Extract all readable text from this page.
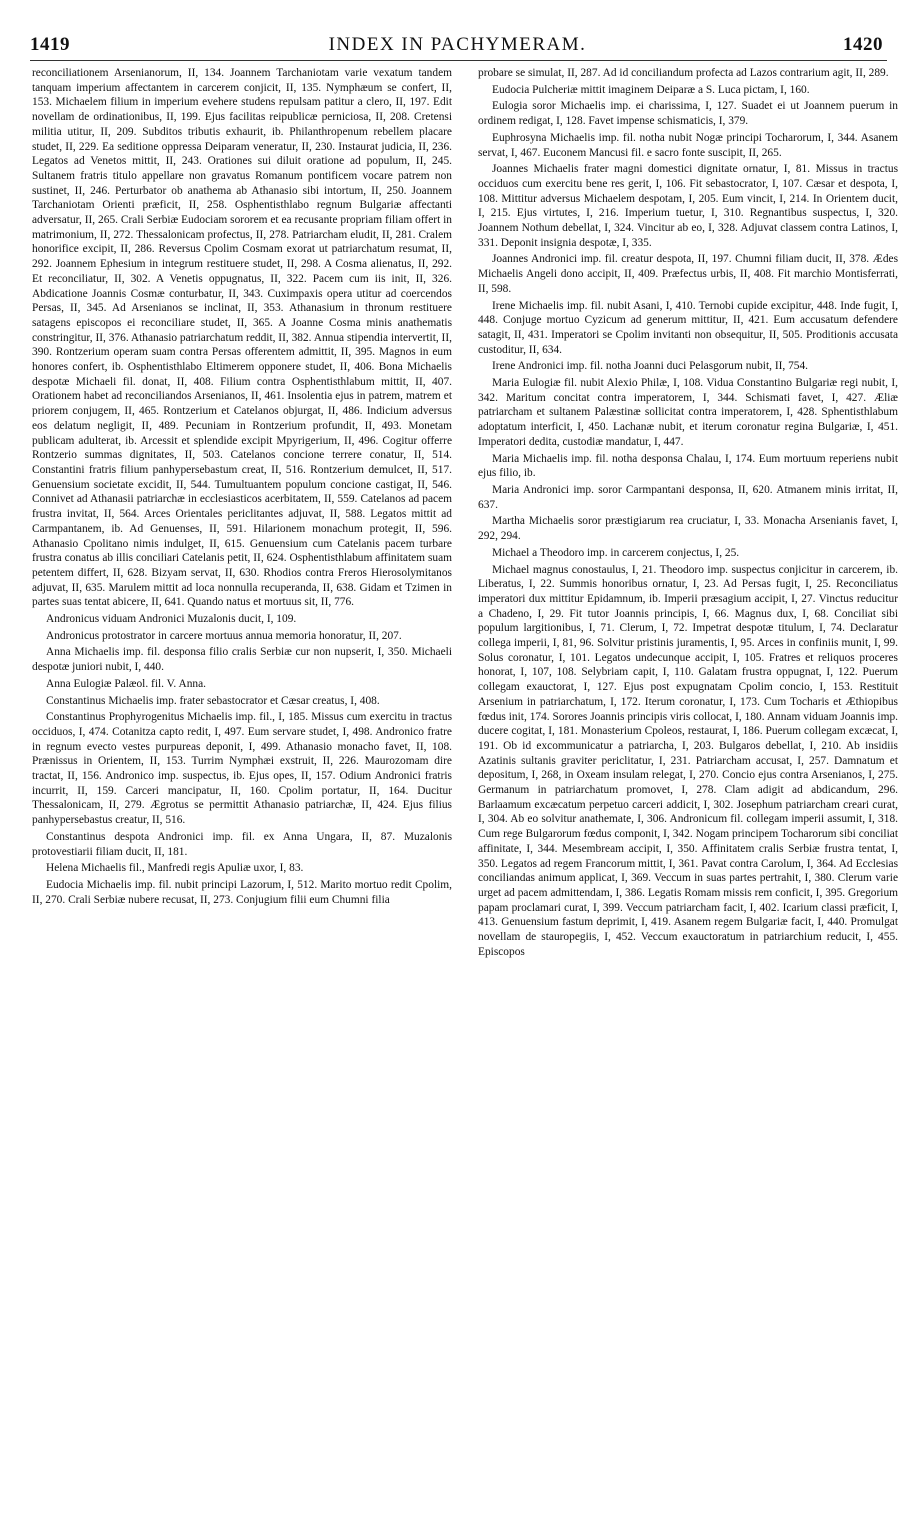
1419	INDEX IN PACHYMERAM.	1420

reconciliationem Arsenianorum, II, 134. Joannem Tarchaniotam varie vexatum tandem tanquam imperium affectantem in carcerem conjicit, II, 135. Nymphæum se confert, II, 153. Michaelem filium in imperium evehere studens repulsam patitur a clero, II, 197. Edit novellam de ordinationibus, II, 199. Ejus facilitas reipublicæ perniciosa, II, 208. Cretensi militia utitur, II, 209. Subditos tributis exhaurit, ib. Philanthropenum rebellem placare studet, II, 229. Ea seditione oppressa Deiparam veneratur, II, 230. Instaurat judicia, II, 236. Legatos ad Venetos mittit, II, 243. Orationes sui diluit oratione ad populum, II, 245. Sultanem fratris titulo appellare non gravatus Romanum pontificem vocare patrem non sustinet, II, 246. Perturbator ob anathema ab Athanasio sibi intortum, II, 250. Joannem Tarchaniotam Orienti præficit, II, 258. Osphentisthlabo regnum Bulgariæ affectanti adversatur, II, 265. Crali Serbiæ Eudociam sororem et ea recusante propriam filiam offert in matrimonium, II, 272. Thessalonicam profectus, II, 278. Patriarcham eludit, II, 281. Cralem honorifice excipit, II, 286. Reversus Cpolim Cosmam exorat ut patriarchatum resumat, II, 292. Joannem Ephesium in integrum restituere studet, II, 298. A Cosma alienatus, II, 292. Et reconciliatur, II, 302. A Venetis oppugnatus, II, 322. Pacem cum iis init, II, 326. Abdicatione Joannis Cosmæ conturbatur, II, 343. Cuximpaxis opera utitur ad coercendos Persas, II, 345. Ad Arsenianos se inclinat, II, 353. Athanasium in thronum restituere satagens episcopos ei reconciliare studet, II, 365. A Joanne Cosma minis anathematis constringitur, II, 376. Athanasio patriarchatum reddit, II, 382. Annua stipendia intervertit, II, 390. Rontzerium operam suam contra Persas offerentem admittit, II, 395. Magnos in eum honores confert, ib. Osphentisthlabo Eltimerem opponere studet, II, 406. Bona Michaelis despotæ Michaeli fil. donat, II, 408. Filium contra Osphentisthlabum mittit, II, 407. Orationem habet ad reconciliandos Arsenianos, II, 461. Insolentia ejus in patrem, matrem et priorem conjugem, II, 465. Rontzerium et Catelanos objurgat, II, 486. Indicium adversus eos delatum negligit, II, 489. Pecuniam in Rontzerium profundit, II, 493. Monetam publicam adulterat, ib. Arcessit et splendide excipit Mpyrigerium, II, 496. Cogitur offerre Rontzerio summas dignitates, II, 503. Catelanos concione terrere conatur, II, 514. Constantini fratris filium panhypersebastum creat, II, 516. Rontzerium demulcet, II, 517. Genuensium societate excidit, II, 544. Tumultuantem populum concione castigat, II, 546. Connivet ad Athanasii patriarchæ in ecclesiasticos acerbitatem, II, 559. Catelanos ad pacem frustra invitat, II, 564. Arces Orientales periclitantes adjuvat, II, 588. Legatos mittit ad Carmpantanem, ib. Ad Genuenses, II, 591. Hilarionem monachum protegit, II, 596. Athanasio Cpolitano nimis indulget, II, 615. Genuensium cum Catelanis pacem turbare frustra conatus ab illis conciliari Catelanis petit, II, 624. Osphentisthlabum affinitatem suam petentem differt, II, 628. Bizyam servat, II, 630. Rhodios contra Freros Hierosolymitanos adjuvat, II, 635. Marulem mittit ad loca nonnulla recuperanda, II, 638. Gidam et Tzimen in partes suas tentat abicere, II, 641. Quando natus et mortuus sit, II, 776.

Andronicus viduam Andronici Muzalonis ducit, I, 109.

Andronicus protostrator in carcere mortuus annua memoria honoratur, II, 207.

Anna Michaelis imp. fil. desponsa filio cralis Serbiæ cur non nupserit, I, 350. Michaeli despotæ juniori nubit, I, 440.

Anna Eulogiæ Palæol. fil. V. Anna.

Constantinus Michaelis imp. frater sebastocrator et Cæsar creatus, I, 408.

Constantinus Prophyrogenitus Michaelis imp. fil., I, 185. Missus cum exercitu in tractus occiduos, I, 474. Cotanitza capto redit, I, 497. Eum servare studet, I, 498. Andronico fratre in regnum evecto vestes purpureas deponit, I, 499. Athanasio monacho favet, II, 108. Prænissus in Orientem, II, 153. Turrim Nymphæi exstruit, II, 226. Maurozomam dire tractat, II, 156. Andronico imp. suspectus, ib. Ejus opes, II, 157. Odium Andronici fratris incurrit, II, 159. Carceri mancipatur, II, 160. Cpolim portatur, II, 164. Ducitur Thessalonicam, II, 279. Ægrotus se permittit Athanasio patriarchæ, II, 424. Ejus filius panhypersebastus creatur, II, 516.

Constantinus despota Andronici imp. fil. ex Anna Ungara, II, 87. Muzalonis protovestiarii filiam ducit, II, 181.

Helena Michaelis fil., Manfredi regis Apuliæ uxor, I, 83.

Eudocia Michaelis imp. fil. nubit principi Lazorum, I, 512. Marito mortuo redit Cpolim, II, 270. Crali Serbiæ nubere recusat, II, 273. Conjugium filii eum Chumni filia

probare se simulat, II, 287. Ad id conciliandum profecta ad Lazos contrarium agit, II, 289.

Eudocia Pulcheriæ mittit imaginem Deiparæ a S. Luca pictam, I, 160.

Eulogia soror Michaelis imp. ei charissima, I, 127. Suadet ei ut Joannem puerum in ordinem redigat, I, 128. Favet impense schismaticis, I, 379.

Euphrosyna Michaelis imp. fil. notha nubit Nogæ principi Tocharorum, I, 344. Asanem servat, I, 467. Euconem Mancusi fil. e sacro fonte suscipit, II, 265.

Joannes Michaelis frater magni domestici dignitate ornatur, I, 81. Missus in tractus occiduos cum exercitu bene res gerit, I, 106. Fit sebastocrator, I, 107. Cæsar et despota, I, 108. Mittitur adversus Michaelem despotam, I, 205. Eum vincit, I, 214. In Orientem ducit, I, 215. Ejus virtutes, I, 216. Imperium tuetur, I, 310. Regnantibus suspectus, I, 320. Joannem Nothum debellat, I, 324. Vincitur ab eo, I, 328. Adjuvat classem contra Latinos, I, 331. Deponit insignia despotæ, I, 335.

Joannes Andronici imp. fil. creatur despota, II, 197. Chumni filiam ducit, II, 378. Ædes Michaelis Angeli dono accipit, II, 409. Præfectus urbis, II, 408. Fit marchio Montisferrati, II, 598.

Irene Michaelis imp. fil. nubit Asani, I, 410. Ternobi cupide excipitur, 448. Inde fugit, I, 448. Conjuge mortuo Cyzicum ad generum mittitur, II, 421. Eum accusatum defendere satagit, II, 431. Imperatori se Cpolim invitanti non obsequitur, II, 505. Proditionis accusata custoditur, II, 634.

Irene Andronici imp. fil. notha Joanni duci Pelasgorum nubit, II, 754.

Maria Eulogiæ fil. nubit Alexio Philæ, I, 108. Vidua Constantino Bulgariæ regi nubit, I, 342. Maritum concitat contra imperatorem, I, 344. Schismati favet, I, 427. Æliæ patriarcham et sultanem Palæstinæ sollicitat contra imperatorem, I, 428. Sphentisthlabum adoptatum interficit, I, 450. Lachanæ nubit, et iterum coronatur regina Bulgariæ, I, 451. Imperatori dedita, custodiæ mandatur, I, 447.

Maria Michaelis imp. fil. notha desponsa Chalau, I, 174. Eum mortuum reperiens nubit ejus filio, ib.

Maria Andronici imp. soror Carmpantani desponsa, II, 620. Atmanem minis irritat, II, 637.

Martha Michaelis soror præstigiarum rea cruciatur, I, 33. Monacha Arsenianis favet, I, 292, 294.

Michael a Theodoro imp. in carcerem conjectus, I, 25.

Michael magnus conostaulus, I, 21. Theodoro imp. suspectus conjicitur in carcerem, ib. Liberatus, I, 22. Summis honoribus ornatur, I, 23. Ad Persas fugit, I, 25. Reconciliatus imperatori dux mittitur Epidamnum, ib. Imperii præsagium accipit, I, 27. Vinctus reducitur a Chadeno, I, 29. Fit tutor Joannis principis, I, 66. Magnus dux, I, 68. Conciliat sibi populum largitionibus, I, 71. Clerum, I, 72. Impetrat despotæ titulum, I, 74. Declaratur collega imperii, I, 81, 96. Solvitur pristinis juramentis, I, 95. Arces in confiniis munit, I, 99. Solus coronatur, I, 101. Legatos undecunque accipit, I, 105. Fratres et reliquos proceres honorat, I, 107, 108. Selybriam capit, I, 110. Galatam frustra oppugnat, I, 122. Puerum collegam exauctorat, I, 127. Ejus post expugnatam Cpolim concio, I, 153. Restituit Arsenium in patriarchatum, I, 172. Iterum coronatur, I, 173. Cum Tocharis et Æthiopibus fœdus init, 174. Sorores Joannis principis viris collocat, I, 180. Annam viduam Joannis imp. ducere cogitat, I, 181. Monasterium Cpoleos, restaurat, I, 186. Puerum collegam excæcat, I, 191. Ob id excommunicatur a patriarcha, I, 203. Bulgaros debellat, I, 210. Ab insidiis Azatinis sultanis graviter periclitatur, I, 231. Patriarcham accusat, I, 257. Damnatum et depositum, I, 268, in Oxeam insulam relegat, I, 270. Concio ejus contra Arsenianos, I, 275. Germanum in patriarchatum promovet, I, 278. Clam adigit ad abdicandum, 296. Barlaamum excæcatum perpetuo carceri addicit, I, 302. Josephum patriarcham creari curat, I, 304. Ab eo solvitur anathemate, I, 306. Andronicum fil. collegam imperii assumit, I, 318. Cum rege Bulgarorum fœdus componit, I, 342. Nogam principem Tocharorum sibi conciliat affinitate, I, 344. Mesembream accipit, I, 350. Affinitatem cralis Serbiæ frustra tentat, I, 350. Legatos ad regem Francorum mittit, I, 361. Pavat contra Carolum, I, 364. Ad Ecclesias conciliandas animum applicat, I, 369. Veccum in suas partes pertrahit, I, 380. Clerum varie urget ad pacem admittendam, I, 386. Legatis Romam missis rem conficit, I, 395. Gregorium papam proclamari curat, I, 399. Veccum patriarcham facit, I, 402. Icarium classi præficit, I, 413. Genuensium fastum deprimit, I, 419. Asanem regem Bulgariæ facit, I, 440. Promulgat novellam de stauropegiis, I, 452. Veccum exauctoratum in patriarchium reducit, I, 455. Episcopos
